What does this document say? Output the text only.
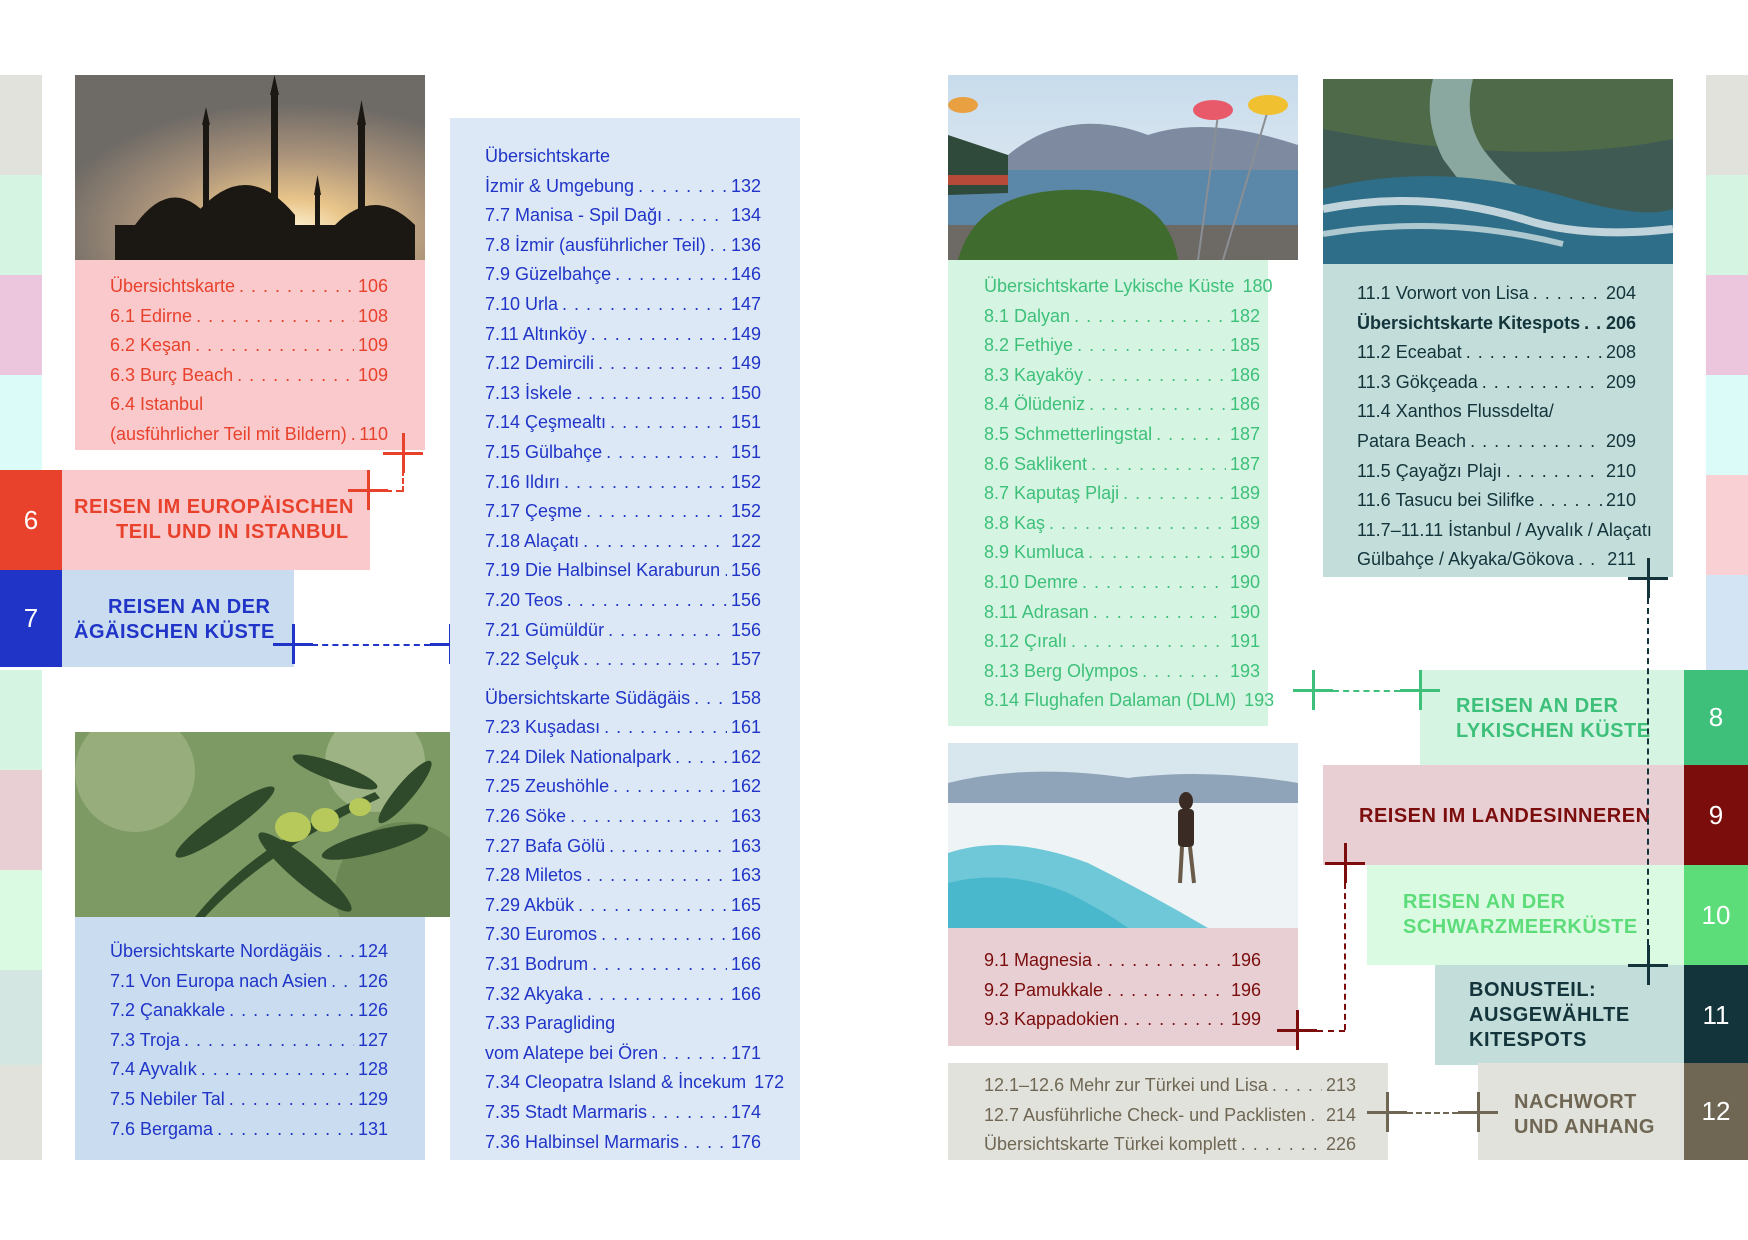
Übersichtskarte . . .	106
6.1 Edirne . . .	108
6.2 Keşan . . .	109
6.3 Burç Beach . . .	109
6.4 Istanbul
(ausführlicher Teil mit Bildern) . . . 110
6 REISEN IM EUROPÄISCHEN
TEIL UND IN ISTANBUL
7	REISEN AN DER
ÄGÄISCHEN KÜSTE
Übersichtskarte Nordägäis . . . 124
7.1 Von Europa nach Asien . . . 126
7.2 Çanakkale . . .	126
7.3 Troja . . .	127
7.4 Ayvalık . . .	128
7.5 Nebiler Tal . . .	129
7.6 Bergama . . .	131
Übersichtskarte
İzmir & Umgebung . . .	132
7.7 Manisa - Spil Dağı . . .	134
7.8 İzmir (ausführlicher Teil) . . . 136
7.9 Güzelbahçe . . .	146
7.10 Urla . . .	147
7.11 Altınköy . . .	149
7.12 Demircili . . .	149
7.13 İskele . . .	150
7.14 Çeşmealtı . . .	151
7.15 Gülbahçe . . .	151
7.16 Ildırı . . .	152
7.17 Çeşme . . .	152
7.18 Alaçatı . . .	122
7.19 Die Halbinsel Karaburun . . . 156
7.20 Teos . . .	156
7.21 Gümüldür . . .	156
7.22 Selçuk . . .	157
Übersichtskarte Südägäis . . . 158
7.23 Kuşadası . . .	161
7.24 Dilek Nationalpark . . .	162
7.25 Zeushöhle . . .	162
7.26 Söke . . .	163
7.27 Bafa Gölü . . .	163
7.28 Miletos . . .	163
7.29 Akbük . . .	165
7.30 Euromos . . .	166
7.31 Bodrum . . .	166
7.32 Akyaka . . .	166
7.33 Paragliding
vom Alatepe bei Ören . . .	171
7.34 Cleopatra Island & İncekum 172
7.35 Stadt Marmaris . . .	174
7.36 Halbinsel Marmaris . . .	176
Übersichtskarte Lykische Küste 180
8.1 Dalyan . . .	182
8.2 Fethiye . . .	185
8.3 Kayaköy . . .	186
8.4 Ölüdeniz . . .	186
8.5 Schmetterlingstal . . .	187
8.6 Saklikent . . .	187
8.7 Kaputaş Plaji . . .	189
8.8 Kaş . . .	189
8.9 Kumluca . . .	190
8.10 Demre . . .	190
8.11 Adrasan . . .	190
8.12 Çıralı . . .	191
8.13 Berg Olympos . . .	193
8.14 Flughafen Dalaman (DLM) 193
11.1 Vorwort von Lisa . . .	204
Übersichtskarte Kitespots . . . 206
11.2 Eceabat . . .	208
11.3 Gökçeada . . .	209
11.4 Xanthos Flussdelta/
Patara Beach . . .	209
11.5 Çayağzı Plajı . . .	210
11.6 Tasucu bei Silifke . . .	210
11.7–11.11 İstanbul / Ayvalık / Alaçatı
Gülbahçe / Akyaka/Gökova . . . 211
9.1 Magnesia . . .	196
9.2 Pamukkale . . .	196
9.3 Kappadokien . . .	199
12.1–12.6 Mehr zur Türkei und Lisa . . .	213
12.7 Ausführliche Check- und Packlisten . . . 214
Übersichtskarte Türkei komplett . . .	226
8
REISEN AN DER
LYKISCHEN KÜSTE
9
REISEN IM LANDESINNEREN
10
REISEN AN DER
SCHWARZMEERKÜSTE
11
BONUSTEIL:
AUSGEWÄHLTE
KITESPOTS
12
NACHWORT
UND ANHANG
